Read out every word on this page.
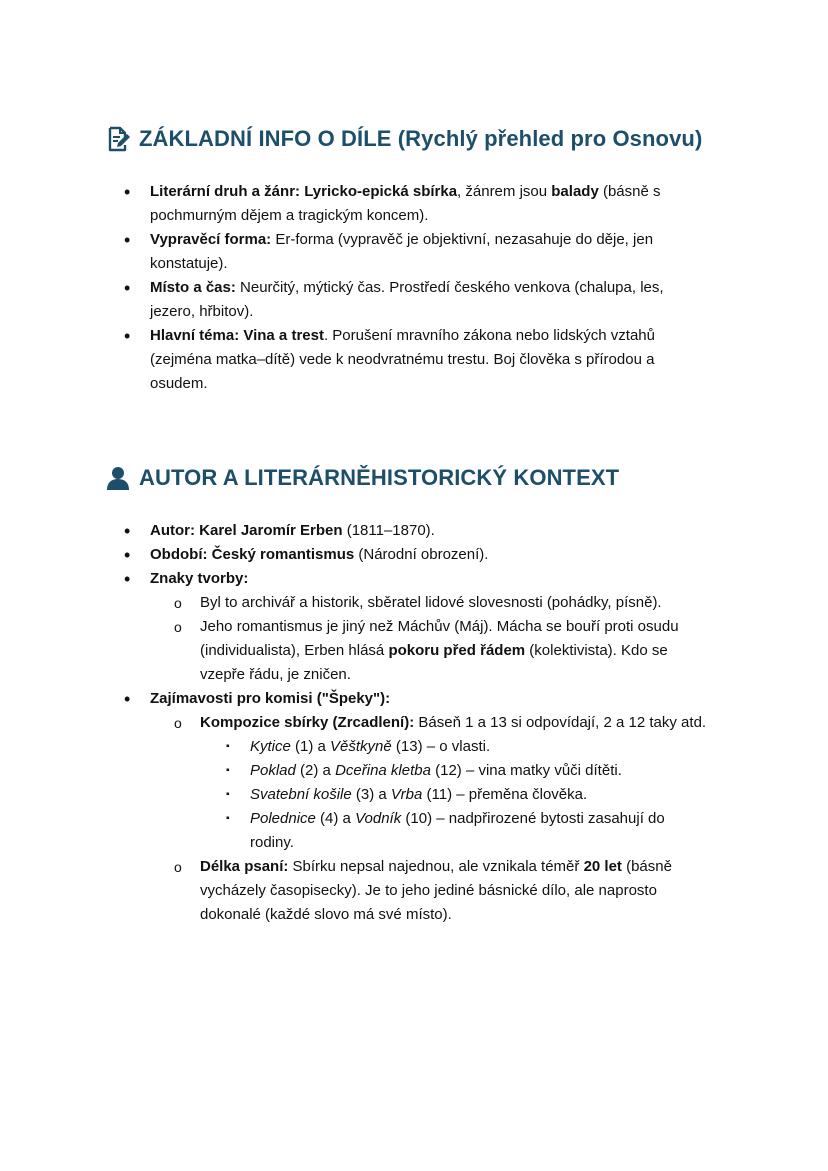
ZÁKLADNÍ INFO O DÍLE (Rychlý přehled pro Osnovu)
• Literární druh a žánr: Lyricko-epická sbírka, žánrem jsou balady (básně s pochmurným dějem a tragickým koncem).
• Vypravěcí forma: Er-forma (vypravěč je objektivní, nezasahuje do děje, jen konstatuje).
• Místo a čas: Neurčitý, mýtický čas. Prostředí českého venkova (chalupa, les, jezero, hřbitov).
• Hlavní téma: Vina a trest. Porušení mravního zákona nebo lidských vztahů (zejména matka–dítě) vede k neodvratnému trestu. Boj člověka s přírodou a osudem.
AUTOR A LITERÁRNĚHISTORICKÝ KONTEXT
• Autor: Karel Jaromír Erben (1811–1870).
• Období: Český romantismus (Národní obrození).
• Znaky tvorby:
o Byl to archivář a historik, sběratel lidové slovesnosti (pohádky, písně).
o Jeho romantismus je jiný než Máchův (Máj). Mácha se bouří proti osudu (individualista), Erben hlásá pokoru před řádem (kolektivista). Kdo se vzepře řádu, je zničen.
• Zajímavosti pro komisi ("Špeky"):
o Kompozice sbírky (Zrcadlení): Báseň 1 a 13 si odpovídají, 2 a 12 taky atd.
▪ Kytice (1) a Věštkyně (13) – o vlasti.
▪ Poklad (2) a Dceřina kletba (12) – vina matky vůči dítěti.
▪ Svatební košile (3) a Vrba (11) – přeměna člověka.
▪ Polednice (4) a Vodník (10) – nadpřirozené bytosti zasahují do rodiny.
o Délka psaní: Sbírku nepsal najednou, ale vznikala téměř 20 let (básně vycházely časopisecky). Je to jeho jediné básnické dílo, ale naprosto dokonalé (každé slovo má své místo).
